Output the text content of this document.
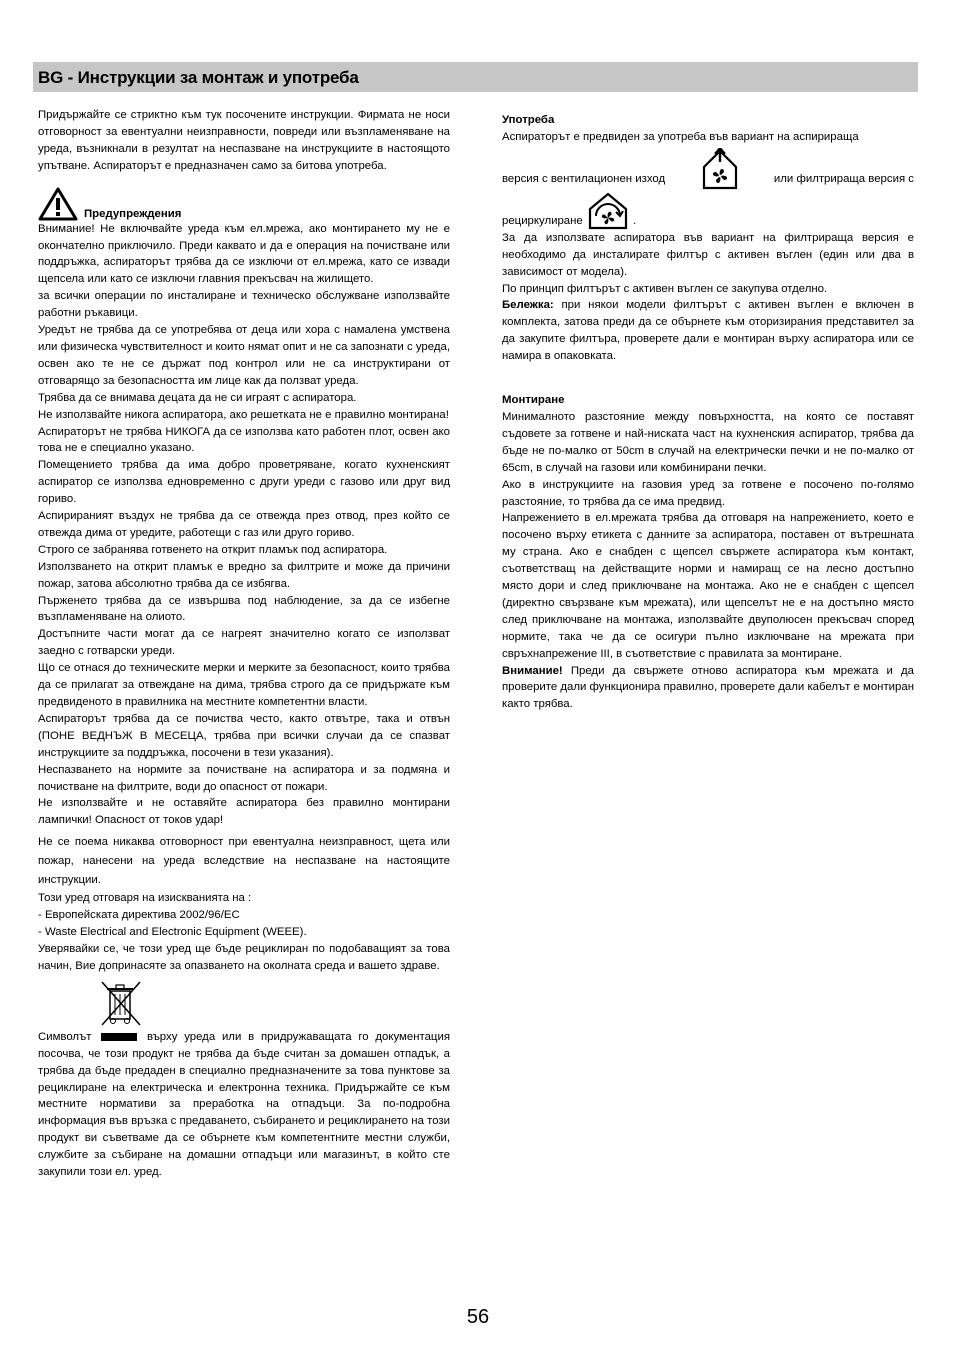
BG - Инструкции за монтаж и употреба

Придържайте се стриктно към тук посочените инструкции. Фирмата не носи отговорност за евентуални неизправности, повреди или възпламеняване на уреда, възникнали в резултат на неспазване на инструкциите в настоящото упътване. Аспираторът е предназначен само за битова употреба.

Предупреждения

Внимание! Не включвайте уреда към ел.мрежа, ако монтирането му не е окончателно приключило. Преди каквато и да е операция на почистване или поддръжка, аспираторът трябва да се изключи от ел.мрежа, като се извади щепсела или като се изключи главния прекъсвач на жилището.

за всички операции по инсталиране и техническо обслужване използвайте работни ръкавици.

Уредът не трябва да се употребява от деца или хора с намалена умствена или физическа чувствителност и които нямат опит и не са запознати с уреда, освен ако те не се държат под контрол или не са инструктирани от отговарящо за безопасността им лице как да ползват уреда.

Трябва да се внимава децата да не си играят с аспиратора.

Не използвайте никога аспиратора, ако решетката не е правилно монтирана!

Аспираторът не трябва НИКОГА да се използва като работен плот, освен ако това не е специално указано.

Помещението трябва да има добро проветряване, когато кухненският аспиратор се използва едновременно с други уреди с газово или друг вид гориво.

Аспирираният въздух не трябва да се отвежда през отвод, през който се отвежда дима от уредите, работещи с газ или друго гориво.

Строго се забранява готвенето на открит пламък под аспиратора.

Използването на открит пламък е вредно за филтрите и може да причини пожар, затова абсолютно трябва да се избягва.

Пърженето трябва да се извършва под наблюдение, за да се избегне възпламеняване на олиото.

Достъпните части могат да се нагреят значително когато се използват заедно с готварски уреди.

Що се отнася до техническите мерки и мерките за безопасност, които трябва да се прилагат за отвеждане на дима, трябва строго да се придържате към предвиденото в правилника на местните компетентни власти.

Аспираторът трябва да се почиства често, както отвътре, така и отвън (ПОНЕ ВЕДНЪЖ В МЕСЕЦА, трябва при всички случаи да се спазват инструкциите за поддръжка, посочени в тези указания).

Неспазването на нормите за почистване на аспиратора и за подмяна и почистване на филтрите, води до опасност от пожари.

Не използвайте и не оставяйте аспиратора без правилно монтирани лампички! Опасност от токов удар!

Не се поема никаква отговорност при евентуална неизправност, щета или пожар, нанесени на уреда вследствие на неспазване на настоящите инструкции.

Този уред отговаря на изискванията на :

- Европейската директива 2002/96/EC

- Waste Electrical and Electronic Equipment (WEEE).

Уверявайки се, че този уред ще бъде рециклиран по подобаващият за това начин, Вие допринасяте за опазването на околната среда и вашето здраве.

Символът	върху уреда или в придружаващата го документация посочва, че този продукт не трябва да бъде считан за домашен отпадък, а трябва да бъде предаден в специално предназначените за това пунктове за рециклиране на електрическа и електронна техника. Придържайте се към местните нормативи за преработка на отпадъци. За по-подробна информация във връзка с предаването, събирането и рециклирането на този продукт ви съветваме да се обърнете към компетентните местни служби, службите за събиране на домашни отпадъци или магазинът, в който сте закупили този ел. уред.

Употреба

Аспираторът е предвиден за употреба във вариант на аспирираща

версия с вентилационен изход	или филтрираща версия с

рециркулиране	.

За да използвате аспиратора във вариант на филтрираща версия е необходимо да инсталирате филтър с активен въглен (един или два в зависимост от модела).

По принцип филтърът с активен въглен се закупува отделно.

Бележка: при някои модели филтърът с активен въглен е включен в комплекта, затова преди да се обърнете към оторизирания представител за да закупите филтъра, проверете дали е монтиран върху аспиратора или се намира в опаковката.

Монтиране

Минималното разстояние между повърхността, на която се поставят съдовете за готвене и най-ниската част на кухненския аспиратор, трябва да бъде не по-малко от 50cm в случай на електрически печки и не по-малко от 65cm, в случай на газови или комбинирани печки.

Ако в инструкциите на газовия уред за готвене е посочено по-голямо разстояние, то трябва да се има предвид.

Напрежението в ел.мрежата трябва да отговаря на напрежението, което е посочено върху етикета с данните за аспиратора, поставен от вътрешната му страна. Ако е снабден с щепсел свържете аспиратора към контакт, съответстващ на действащите норми и намиращ се на лесно достъпно място дори и след приключване на монтажа. Ако не е снабден с щепсел (директно свързване към мрежата), или щепселът не е на достъпно място след приключване на монтажа, използвайте двуполюсен прекъсвач според нормите, така че да се осигури пълно изключване на мрежата при свръхнапрежение III, в съответствие с правилата за монтиране.

Внимание! Преди да свържете отново аспиратора към мрежата и да проверите дали функционира правилно, проверете дали кабелът е монтиран както трябва.

56
